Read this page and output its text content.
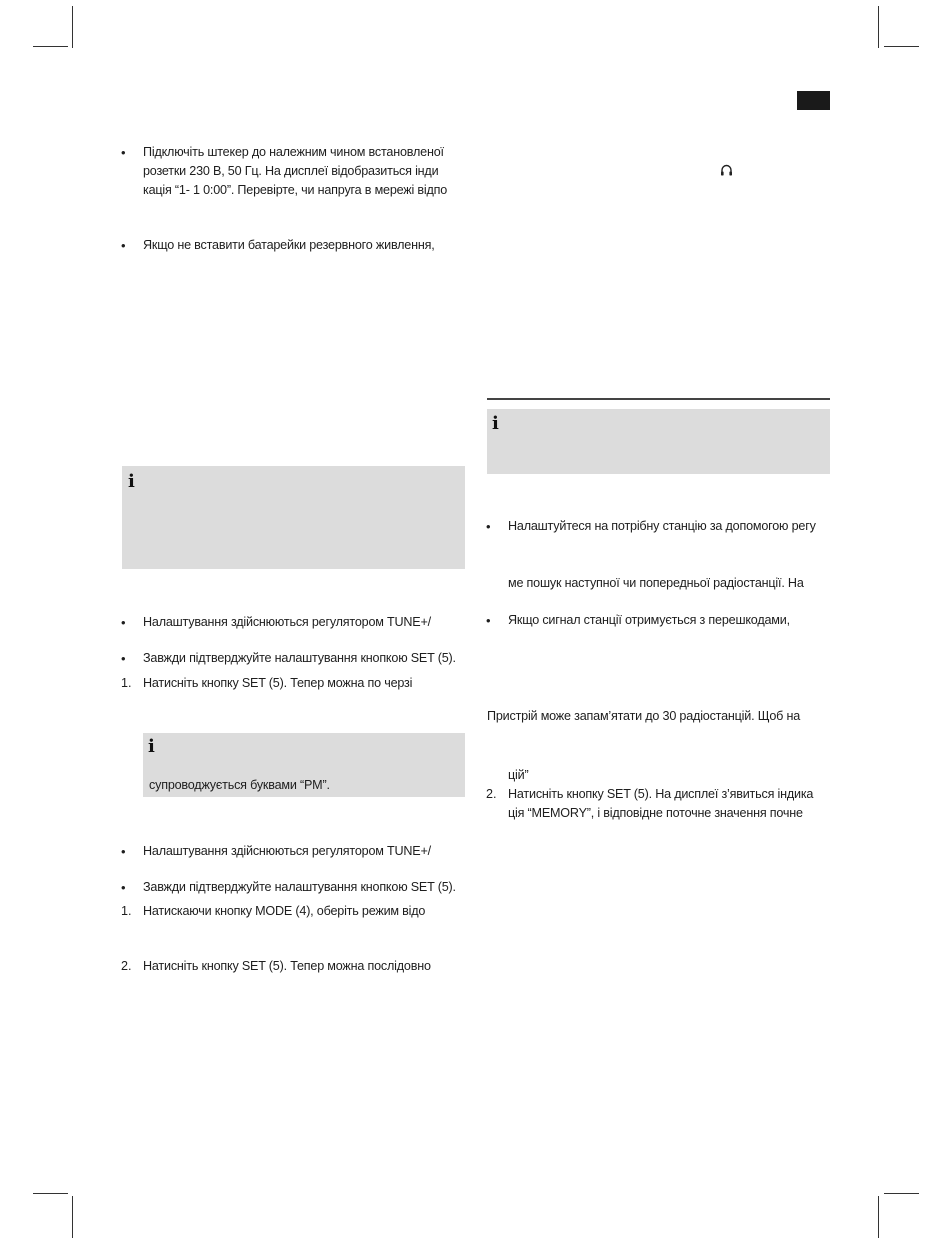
• Підключіть штекер до належним чином встановленої
розетки 230 В, 50 Гц. На дисплеї відобразиться інди
кація “1- 1 0:00”. Перевірте, чи напруга в мережі відпо
• Якщо не вставити батарейки резервного живлення,
i
• Налаштування здійснюються регулятором TUNE+/
• Завжди підтверджуйте налаштування кнопкою SET (5).
1. Натисніть кнопку SET (5). Тепер можна по черзі
i
супроводжується буквами “PM”.
• Налаштування здійснюються регулятором TUNE+/
• Завжди підтверджуйте налаштування кнопкою SET (5).
1. Натискаючи кнопку MODE (4), оберіть режим відо
2. Натисніть кнопку SET (5). Тепер можна послідовно
i
• Налаштуйтеся на потрібну станцію за допомогою регу
ме пошук наступної чи попередньої радіостанції. На
• Якщо сигнал станції отримується з перешкодами,
Пристрій може запам’ятати до 30 радіостанцій. Щоб на
цій”
2. Натисніть кнопку SET (5). На дисплеї з’явиться індика
ція “MEMORY”, і відповідне поточне значення почне
